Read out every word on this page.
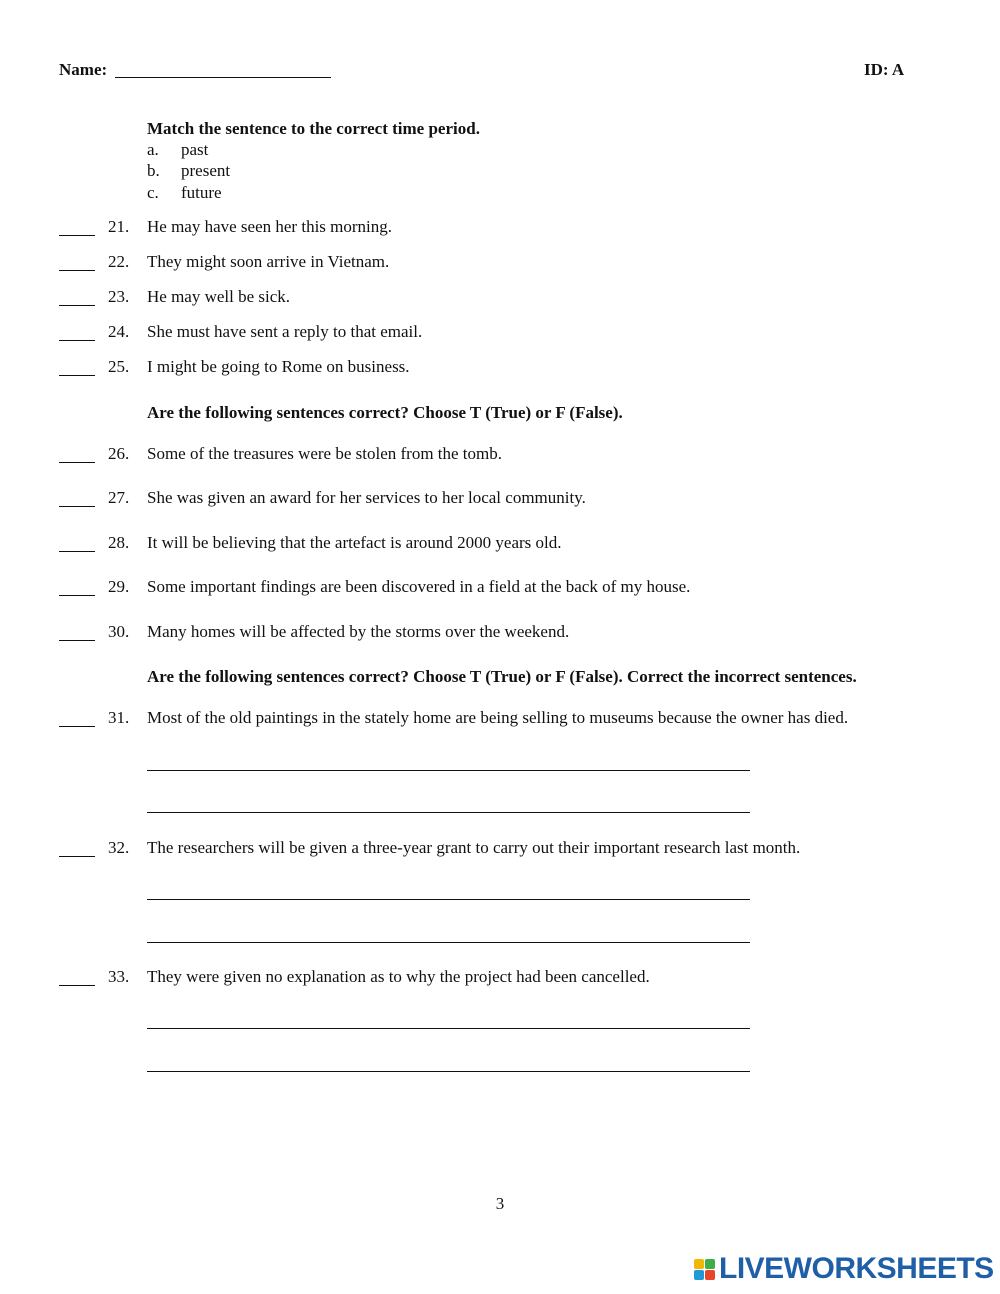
Name:	ID: A
Match the sentence to the correct time period.
a. past
b. present
c. future
21. He may have seen her this morning.
22. They might soon arrive in Vietnam.
23. He may well be sick.
24. She must have sent a reply to that email.
25. I might be going to Rome on business.
Are the following sentences correct? Choose T (True) or F (False).
26. Some of the treasures were be stolen from the tomb.
27. She was given an award for her services to her local community.
28. It will be believing that the artefact is around 2000 years old.
29. Some important findings are been discovered in a field at the back of my house.
30. Many homes will be affected by the storms over the weekend.
Are the following sentences correct? Choose T (True) or F (False). Correct the incorrect sentences.
31. Most of the old paintings in the stately home are being selling to museums because the owner has died.
32. The researchers will be given a three-year grant to carry out their important research last month.
33. They were given no explanation as to why the project had been cancelled.
3
LIVEWORKSHEETS
